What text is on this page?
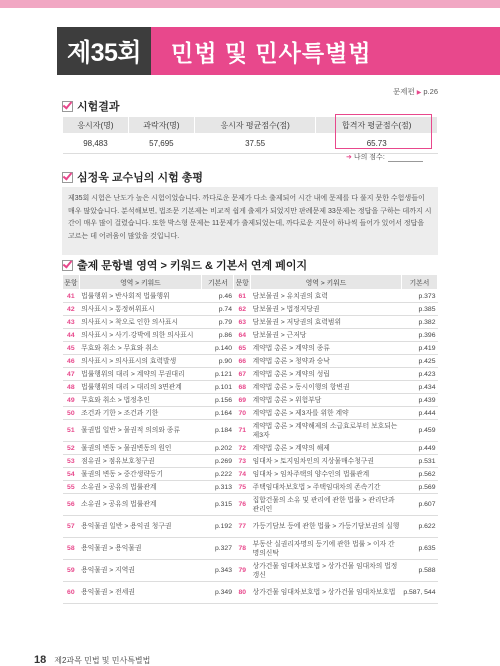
제35회	민법 및 민사특별법
문제편 ▶ p.26
시험결과
응시자(명)	과락자(명)	응시자 평균점수(점)	합격자 평균점수(점)
98,483	57,695	37.55	65.73
➜ 나의 점수:
심정욱 교수님의 시험 총평
제35회 시험은 난도가 높은 시험이었습니다. 까다로운 문제가 다소 출제되어 시간 내에 문제를 다 풀지 못한 수험생들이 매우 많았습니다. 분석해보면, 법조문 기본제는 비교적 쉽게 출제가 되었지만 판례문제 33문제는 정답을 구하는 데까지 시간이 매우 많이 걸렸습니다. 또한 박스형 문제는 11문제가 출제되었는데, 까다로운 지문이 하나씩 들어가 있어서 정답을 고르는 데 어려움이 많았을 것입니다.
출제 문항별 영역 > 키워드 & 기본서 연계 페이지
문항	영역 > 키워드	기본서	문항	영역 > 키워드	기본서
41	법률행위 > 반사회적 법률행위	p.46	61	담보물권 > 유치권의 효력	p.373
42	의사표시 > 통정허위표시	p.74	62	담보물권 > 법정저당권	p.385
43	의사표시 > 착오로 인한 의사표시	p.79	63	담보물권 > 저당권의 효력범위	p.382
44	의사표시 > 사기·강박에 의한 의사표시	p.86	64	담보물권 > 근저당	p.396
45	무효와 취소 > 무효와 취소	p.140	65	계약법 총론 > 계약의 종류	p.419
46	의사표시 > 의사표시의 효력발생	p.90	66	계약법 총론 > 청약과 승낙	p.425
47	법률행위의 대리 > 계약의 무권대리	p.121	67	계약법 총론 > 계약의 성립	p.423
48	법률행위의 대리 > 대리의 3면관계	p.101	68	계약법 총론 > 동시이행의 항변권	p.434
49	무효와 취소 > 법정추인	p.156	69	계약법 총론 > 위험부담	p.439
50	조건과 기한 > 조건과 기한	p.164	70	계약법 총론 > 제3자를 위한 계약	p.444
51	물권법 일반 > 물권적 의의와 종류	p.184	71	계약법 총론 > 계약해제의 소급효로부터 보호되는 제3자	p.459
52	물권의 변동 > 물권변동의 원인	p.202	72	계약법 총론 > 계약의 해제	p.449
53	점유권 > 점유보호청구권	p.269	73	임대차 > 토지임차인의 지상물매수청구권	p.531
54	물권의 변동 > 중간생략등기	p.222	74	임대차 > 임차주택의 양수인의 법률관계	p.562
55	소유권 > 공유의 법률관계	p.313	75	주택임대차보호법 > 주택임대차의 존속기간	p.569
56	소유권 > 공유의 법률관계	p.315	76	집합건물의 소유 및 관리에 관한 법률 > 관리단과 관리인	p.607
57	용익물권 일반 > 용익권 청구권	p.192	77	가등기담보 등에 관한 법률 > 가등기담보권의 실행	p.622
58	용익물권 > 용익물권	p.327	78	부동산 실권리자명의 등기에 관한 법률 > 이자 간 명의신탁	p.635
59	용익물권 > 지역권	p.343	79	상가건물 임대차보호법 > 상가건물 임대차의 법정갱신	p.588
60	용익물권 > 전세권	p.349	80	상가건물 임대차보호법 > 상가건물 임대차보호법	p.587, 544
18 제2과목 민법 및 민사특별법
